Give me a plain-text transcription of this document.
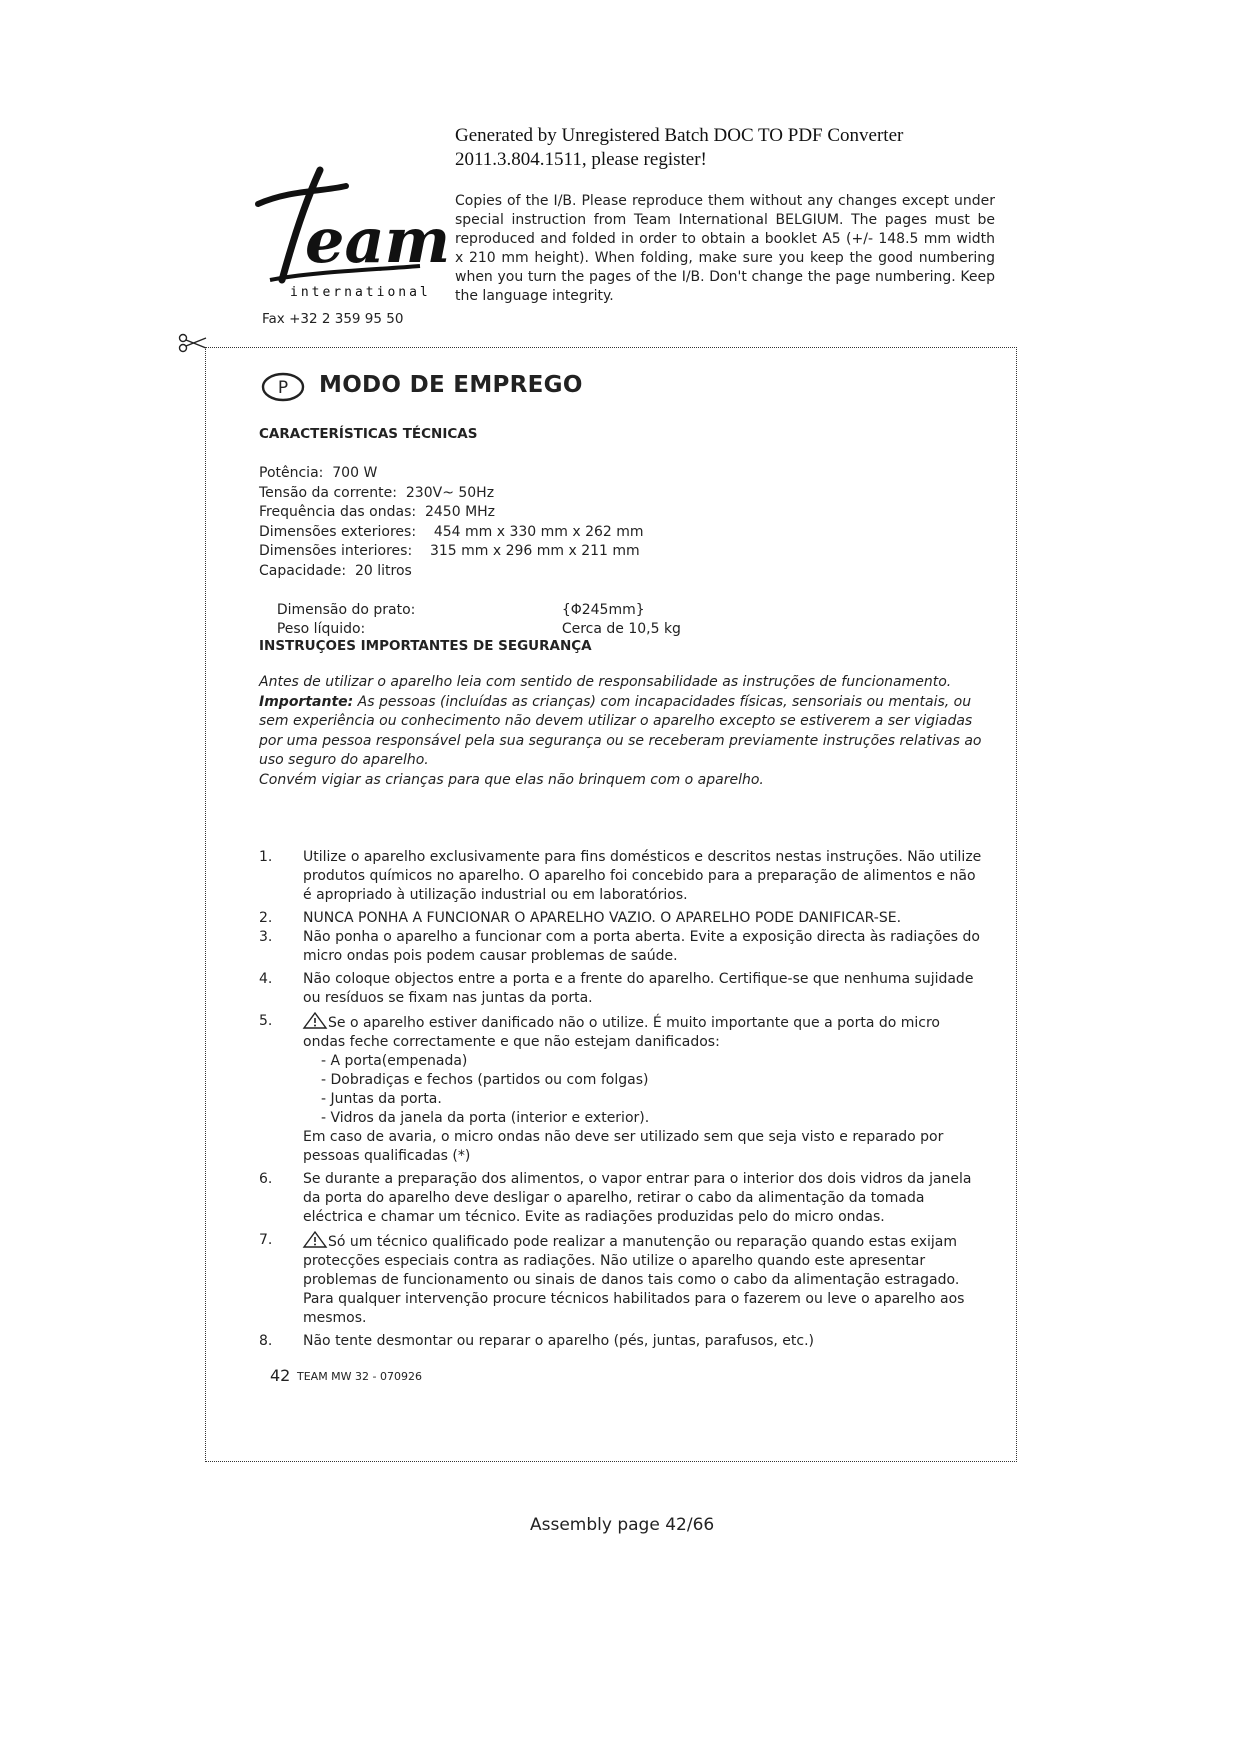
Generated by Unregistered Batch DOC TO PDF Converter 2011.3.804.1511, please register!
eam
international
Fax +32 2 359 95 50
Copies of the I/B. Please reproduce them without any changes except under special instruction from Team International BELGIUM. The pages must be reproduced and folded in order to obtain a booklet A5 (+/- 148.5 mm width x 210 mm height). When folding, make sure you keep the good numbering when you turn the pages of the I/B. Don't change the page numbering. Keep the language integrity.
P MODO DE EMPREGO
CARACTERÍSTICAS TÉCNICAS
Potência:  700 W
Tensão da corrente:  230V~ 50Hz
Frequência das ondas:  2450 MHz
Dimensões exteriores:    454 mm x 330 mm x 262 mm
Dimensões interiores:    315 mm x 296 mm x 211 mm
Capacidade:  20 litros

Dimensão do prato:	{Φ245mm}

Peso líquido:	Cerca de 10,5 kg

INSTRUÇOES IMPORTANTES DE SEGURANÇA

Antes de utilizar o aparelho leia com sentido de responsabilidade as instruções de funcionamento.

Importante: As pessoas (incluídas as crianças) com incapacidades físicas, sensoriais ou mentais, ou sem experiência ou conhecimento não devem utilizar o aparelho excepto se estiverem a ser vigiadas por uma pessoa responsável pela sua segurança ou se receberam previamente instruções relativas ao uso seguro do aparelho.

Convém vigiar as crianças para que elas não brinquem com o aparelho.

1. Utilize o aparelho exclusivamente para fins domésticos e descritos nestas instruções. Não utilize produtos químicos no aparelho. O aparelho foi concebido para a preparação de alimentos e não é apropriado à utilização industrial ou em laboratórios.
2. NUNCA PONHA A FUNCIONAR O APARELHO VAZIO. O APARELHO PODE DANIFICAR-SE.
3. Não ponha o aparelho a funcionar com a porta aberta. Evite a exposição directa às radiações do micro ondas pois podem causar problemas de saúde.
4. Não coloque objectos entre a porta e a frente do aparelho. Certifique-se que nenhuma sujidade ou resíduos se fixam nas juntas da porta.
5.	Se o aparelho estiver danificado não o utilize. É muito importante que a porta do micro ondas feche correctamente e que não estejam danificados:
- A porta(empenada)
- Dobradiças e fechos (partidos ou com folgas)
- Juntas da porta.
- Vidros da janela da porta (interior e exterior).
Em caso de avaria, o micro ondas não deve ser utilizado sem que seja visto e reparado por pessoas qualificadas (*)
6. Se durante a preparação dos alimentos, o vapor entrar para o interior dos dois vidros da janela da porta do aparelho deve desligar o aparelho, retirar o cabo da alimentação da tomada eléctrica e chamar um técnico. Evite as radiações produzidas pelo do micro ondas.
7.	Só um técnico qualificado pode realizar a manutenção ou reparação quando estas exijam protecções especiais contra as radiações. Não utilize o aparelho quando este apresentar problemas de funcionamento ou sinais de danos tais como o cabo da alimentação estragado. Para qualquer intervenção procure técnicos habilitados para o fazerem ou leve o aparelho aos mesmos.
8. Não tente desmontar ou reparar o aparelho (pés, juntas, parafusos, etc.)
42 TEAM MW 32 - 070926
Assembly page 42/66
